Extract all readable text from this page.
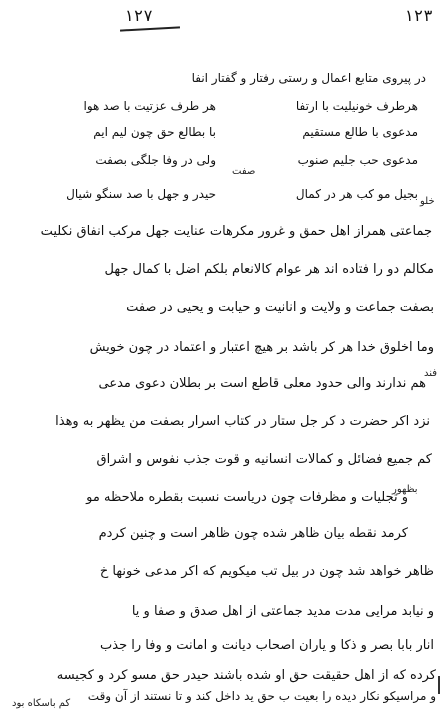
۱۲۷	۱۲۳
در پیروی متابع اعمال و رستی رفتار و گفتار انفا
هرطرف خونیلیت با ارتفا
هر طرف عزتیت با صد هوا
مدعوی با طالع مستقیم
با بطالع حق چون لیم ایم
مدعوی حب جلیم صنوب
ولی در وفا جلگی بصفت
بجیل مو کب هر در کمال
حیدر و جهل با صد سنگو شیال
صفت
خلو
فند
بظهور
جماعتی همراز اهل حمق و غرور مکرهات عنایت جهل مرکب انفاق نکلیت
مکالم دو را فتاده اند هر عوام کالانعام بلکم اضل با کمال جهل
بصفت جماعت و ولایت و انانیت و حیابت و یحیی در صفت
وما اخلوق خدا هر کر باشد بر هیچ اعتبار و اعتماد در چون خویش
هم ندارند والی حدود معلی قاطع است بر بطلان دعوی مدعی
نزد اکر حضرت د کر جل ستار در کتاب اسرار بصفت من یظهر به وهذا
کم جمیع فضائل و کمالات انسانیه و قوت جذب نفوس و اشراق
و تجلیات و مظرفات چون دریاست نسبت بقطره ملاحظه مو
کرمد نقطه بیان ظاهر شده چون ظاهر است و چنین کردم
ظاهر خواهد شد چون در بیل تب میکویم که اکر مدعی خونها خ
و نیابد مرایی مدت مدید جماعتی از اهل صدق و صفا و یا
انار بابا بصر و ذکا و یاران اصحاب دیانت و امانت و وفا را جذب
کرده که از اهل حقیقت حق او شده باشند حیدر حق مسو کرد و کجیسه
و مراسیکو نکار دیده را بعیت ب حق ید داخل کند و تا نستند از آن وقت
کم باسکاه بود
